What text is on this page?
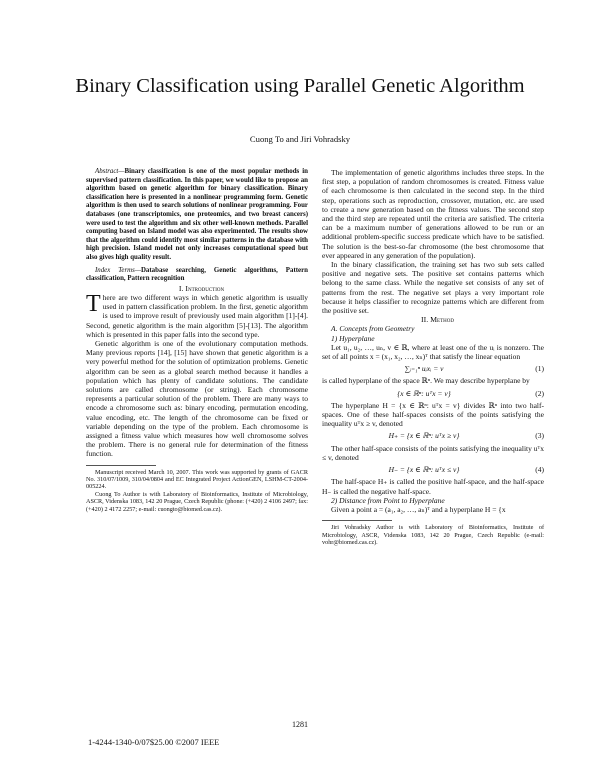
Binary Classification using Parallel Genetic Algorithm
Cuong To and Jiri Vohradsky

Abstract—Binary classification is one of the most popular methods in supervised pattern classification. In this paper, we would like to propose an algorithm based on genetic algorithm for binary classification. Binary classification here is presented in a nonlinear programming form. Genetic algorithm is then used to search solutions of nonlinear programming. Four databases (one transcriptomics, one proteomics, and two breast cancers) were used to test the algorithm and six other well-known methods. Parallel computing based on Island model was also experimented. The results show that the algorithm could identify most similar patterns in the database with high precision. Island model not only increases computational speed but also gives high quality result.

Index Terms—Database searching, Genetic algorithms, Pattern classification, Pattern recognition

I. Introduction

There are two different ways in which genetic algorithm is usually used in pattern classification problem. In the first, genetic algorithm is used to improve result of previously used main algorithm [1]-[4]. Second, genetic algorithm is the main algorithm [5]-[13]. The algorithm which is presented in this paper falls into the second type.

Genetic algorithm is one of the evolutionary computation methods. Many previous reports [14], [15] have shown that genetic algorithm is a very powerful method for the solution of optimization problems. Genetic algorithm can be seen as a global search method because it handles a population which has plenty of candidate solutions. The candidate solutions are called chromosome (or string). Each chromosome represents a particular solution of the problem. There are many ways to encode a chromosome such as: binary encoding, permutation encoding, value encoding, etc. The length of the chromosome can be fixed or variable depending on the type of the problem. Each chromosome is assigned a fitness value which measures how well chromosome solves the problem. There is no general rule for determination of the fitness function.

Manuscript received March 10, 2007. This work was supported by grants of GACR No. 310/07/1009, 310/04/0804 and EC Integrated Project ActionGEN, LSHM-CT-2004-005224.

Cuong To Author is with Laboratory of Bioinformatics, Institute of Microbiology, ASCR, Videnska 1083, 142 20 Prague, Czech Republic (phone: (+420) 2 4106 2497; fax: (+420) 2 4172 2257; e-mail: cuongto@biomed.cas.cz).

The implementation of genetic algorithms includes three steps. In the first step, a population of random chromosomes is created. Fitness value of each chromosome is then calculated in the second step. In the third step, operations such as reproduction, crossover, mutation, etc. are used to create a new generation based on the fitness values. The second step and the third step are repeated until the criteria are satisfied. The criteria can be a maximum number of generations allowed to be run or an additional problem-specific success predicate which have to be satisfied. The solution is the best-so-far chromosome (the best chromosome that ever appeared in any generation of the population).

In the binary classification, the training set has two sub sets called positive and negative sets. The positive set contains patterns which belong to the same class. While the negative set consists of any set of patterns from the rest. The negative set plays a very important role because it helps classifier to recognize patterns which are different from the positive set.

II. Method

A. Concepts from Geometry

1) Hyperplane

Let u₁, u₂, …, uₙ, v ∈ ℝ, where at least one of the uᵢ is nonzero. The set of all points x = (x₁, x₂, …, xₙ)ᵀ that satisfy the linear equation

∑ᵢ₌₁ⁿ uᵢxᵢ = v	(1)

is called hyperplane of the space ℝⁿ. We may describe hyperplane by

{x ∈ ℝⁿ: uᵀx = v}	(2)

The hyperplane H = {x ∈ ℝⁿ: uᵀx = v} divides ℝⁿ into two half-spaces. One of these half-spaces consists of the points satisfying the inequality uᵀx ≥ v, denoted

H₊ = {x ∈ ℝⁿ: uᵀx ≥ v}	(3)

The other half-space consists of the points satisfying the inequality uᵀx ≤ v, denoted

H₋ = {x ∈ ℝⁿ: uᵀx ≤ v}	(4)

The half-space H₊ is called the positive half-space, and the half-space H₋ is called the negative half-space.

2) Distance from Point to Hyperplane

Given a point a = (a₁, a₂, …, aₙ)ᵀ and a hyperplane H = {x

Jiri Vohradsky Author is with Laboratory of Bioinformatics, Institute of Microbiology, ASCR, Videnska 1083, 142 20 Prague, Czech Republic (e-mail: vohr@biomed.cas.cz).

1281
1-4244-1340-0/07$25.00 ©2007 IEEE
